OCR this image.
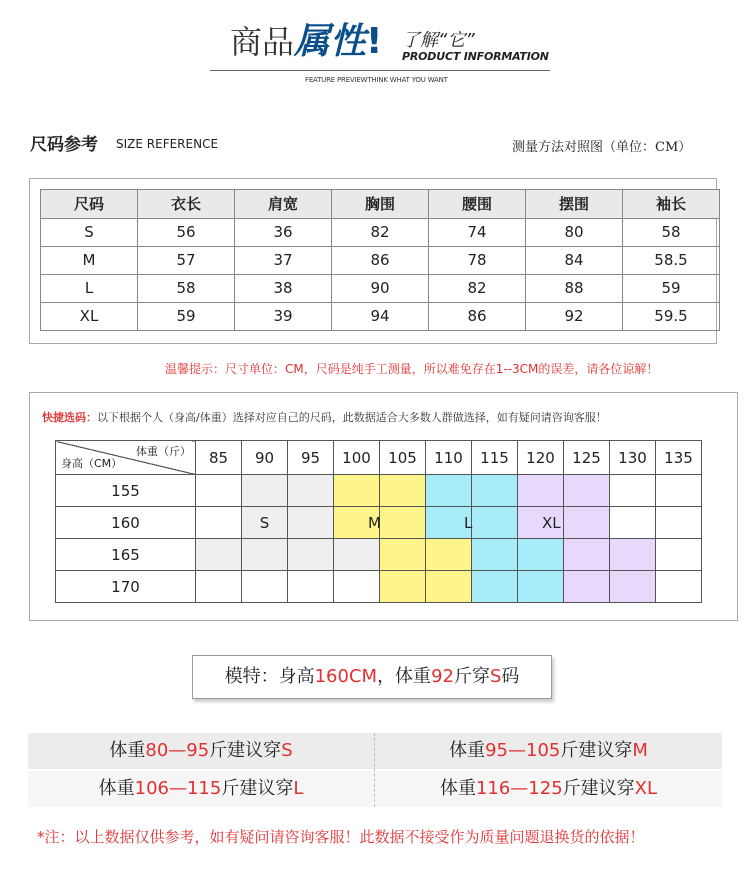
商品属性! 了解“它”
PRODUCT INFORMATION
FEATURE PREVIEWTHINK WHAT YOU WANT
尺码参考 SIZE REFERENCE	测量方法对照图（单位：CM）
尺码	衣长	肩宽	胸围	腰围	摆围	袖长
S	56	36	82	74	80	58
M	57	37	86	78	84	58.5
L	58	38	90	82	88	59
XL	59	39	94	86	92	59.5
温馨提示：尺寸单位：CM，尺码是纯手工测量，所以难免存在1--3CM的误差，请各位谅解！
快捷选码：以下根据个人（身高/体重）选择对应自己的尺码，此数据适合大多数人群做选择，如有疑问请咨询客服！
体重（斤）
身高（CM）	85	90	95	100	105	110	115	120	125	130	135
155											
160		S			M		L		XL		
165											
170											
模特：身高160CM，体重92斤穿S码
体重80—95斤建议穿S	体重95—105斤建议穿M
体重106—115斤建议穿L	体重116—125斤建议穿XL
*注：以上数据仅供参考，如有疑问请咨询客服！此数据不接受作为质量问题退换货的依据！
